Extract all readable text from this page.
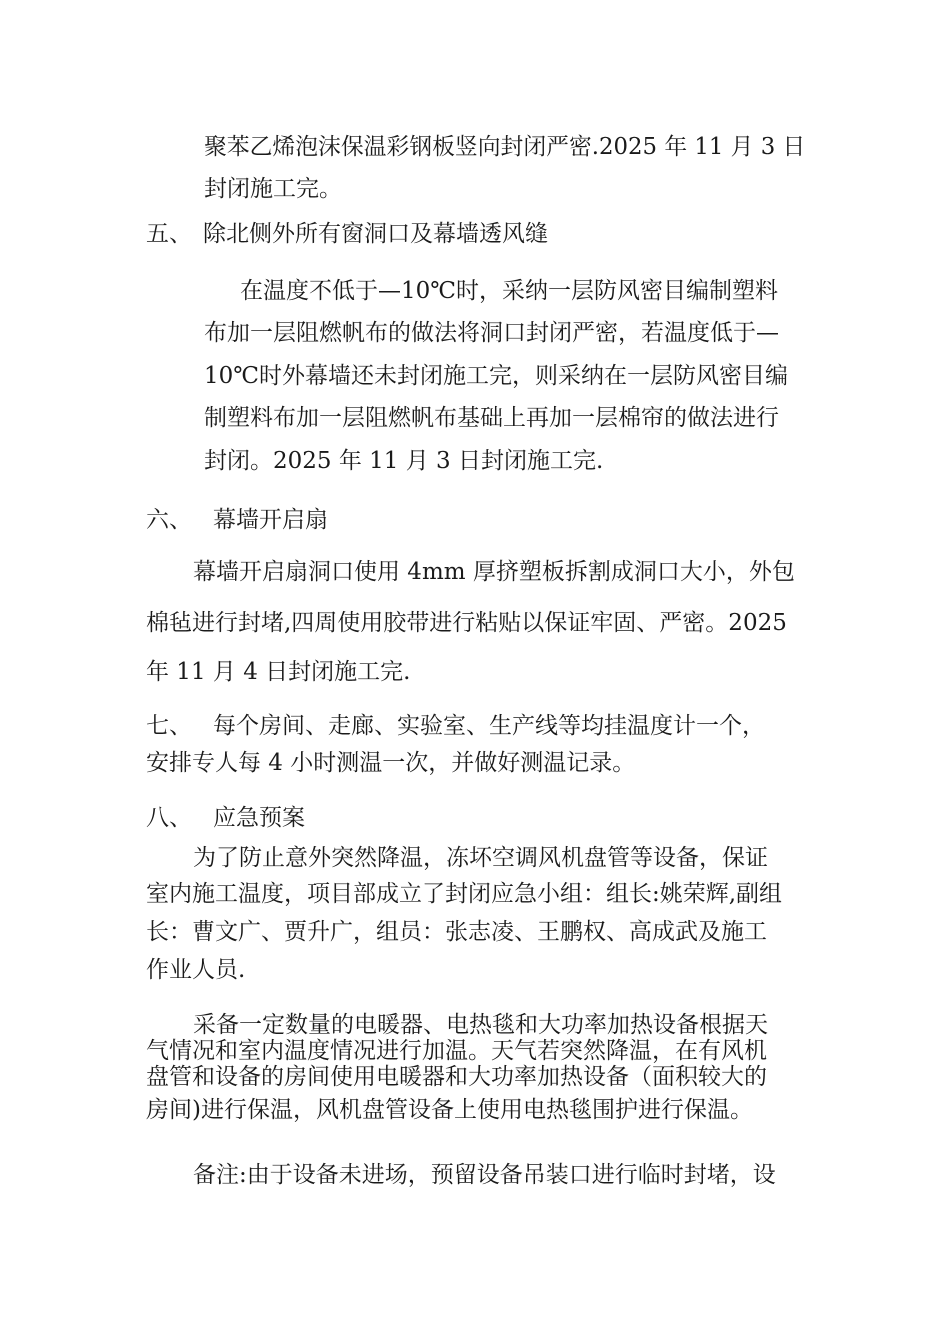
聚苯乙烯泡沫保温彩钢板竖向封闭严密.2025 年 11 月 3 日
封闭施工完。
五、 除北侧外所有窗洞口及幕墙透风缝
在温度不低于—10℃时，采纳一层防风密目编制塑料
布加一层阻燃帆布的做法将洞口封闭严密，若温度低于—
10℃时外幕墙还未封闭施工完，则采纳在一层防风密目编
制塑料布加一层阻燃帆布基础上再加一层棉帘的做法进行
封闭。2025 年 11 月 3 日封闭施工完.
六、 幕墙开启扇
幕墙开启扇洞口使用 4mm 厚挤塑板拆割成洞口大小，外包
棉毡进行封堵,四周使用胶带进行粘贴以保证牢固、严密。2025
年 11 月 4 日封闭施工完.
七、 每个房间、走廊、实验室、生产线等均挂温度计一个，
安排专人每 4 小时测温一次，并做好测温记录。
八、 应急预案
为了防止意外突然降温，冻坏空调风机盘管等设备，保证
室内施工温度，项目部成立了封闭应急小组：组长:姚荣辉,副组
长：曹文广、贾升广，组员：张志凌、王鹏权、高成武及施工
作业人员.
采备一定数量的电暖器、电热毯和大功率加热设备根据天
气情况和室内温度情况进行加温。天气若突然降温，在有风机
盘管和设备的房间使用电暖器和大功率加热设备（面积较大的
房间)进行保温，风机盘管设备上使用电热毯围护进行保温。
备注:由于设备未进场，预留设备吊装口进行临时封堵，设
